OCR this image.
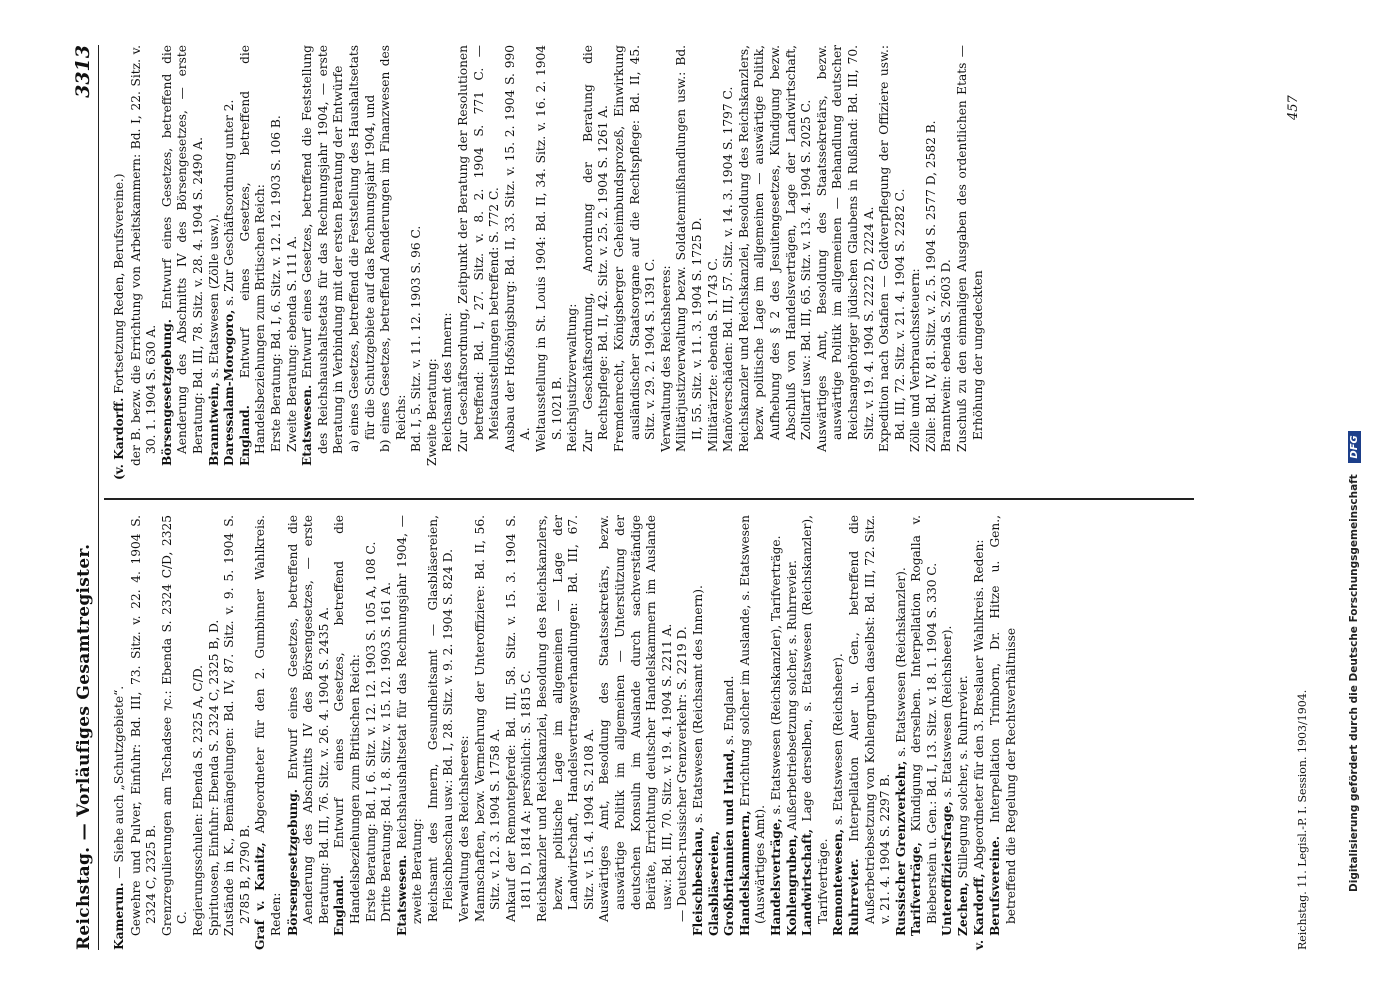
Reichstag. — Vorläufiges Gesamtregister.
3313

Kamerun. — Siehe auch „Schutzgebiete“. Gewehre und Pulver, Einfuhr: Bd. III, 73. Sitz. v. 22. 4. 1904 S. 2324 C, 2325 B. Grenzregulierungen am Tschadsee ⁊c.: Ebenda S. 2324 C/D, 2325 C. Regierungsschulen: Ebenda S. 2325 A, C/D. Spirituosen, Einfuhr: Ebenda S. 2324 C, 2325 B, D. Zustände in K., Bemängelungen: Bd. IV, 87. Sitz. v. 9. 5. 1904 S. 2785 B, 2790 B. Graf v. Kanitz, Abgeordneter für den 2. Gumbinner Wahlkreis. Reden: Börsengesetzgebung. Entwurf eines Gesetzes, betreffend die Aenderung des Abschnitts IV des Börsengesetzes, — erste Beratung: Bd. III, 76. Sitz. v. 26. 4. 1904 S. 2435 A. England. Entwurf eines Gesetzes, betreffend die Handelsbeziehungen zum Britischen Reich: Erste Beratung: Bd. I, 6. Sitz. v. 12. 12. 1903 S. 105 A, 108 C. Dritte Beratung: Bd. I, 8. Sitz. v. 15. 12. 1903 S. 161 A. Etatswesen. Reichshaushaltsetat für das Rechnungsjahr 1904, — zweite Beratung: Reichsamt des Innern, Gesundheitsamt — Glasbläsereien, Fleischbeschau usw.: Bd. I, 28. Sitz. v. 9. 2. 1904 S. 824 D. Verwaltung des Reichsheeres: Mannschaften, bezw. Vermehrung der Unteroffiziere: Bd. II, 56. Sitz. v. 12. 3. 1904 S. 1758 A. Ankauf der Remontepferde: Bd. III, 58. Sitz. v. 15. 3. 1904 S. 1811 D, 1814 A: persönlich: S. 1815 C. Reichskanzler und Reichskanzlei, Besoldung des Reichskanzlers, bezw. politische Lage im allgemeinen — Lage der Landwirtschaft, Handelsvertragsverhandlungen: Bd. III, 67. Sitz. v. 15. 4. 1904 S. 2108 A. Auswärtiges Amt, Besoldung des Staatssekretärs, bezw. auswärtige Politik im allgemeinen — Unterstützung der deutschen Konsuln im Auslande durch sachverständige Beiräte, Errichtung deutscher Handelskammern im Auslande usw.: Bd. III, 70. Sitz. v. 19. 4. 1904 S. 2211 A. — Deutsch-russischer Grenzverkehr: S. 2219 D. Fleischbeschau, s. Etatswesen (Reichsamt des Innern).

Glasbläsereien, Großbritannien und Irland, s. England.

Handelskammern, Errichtung solcher im Auslande, s. Etatswesen (Auswärtiges Amt). Handelsverträge, s. Etatswesen (Reichskanzler), Tarifverträge.

Kohlengruben, Außerbetriebsetzung solcher, s. Ruhrrevier.

Landwirtschaft, Lage derselben, s. Etatswesen (Reichskanzler), Tarifverträge. Remontewesen, s. Etatswesen (Reichsheer).

Ruhrrevier. Interpellation Auer u. Gen., betreffend die Außerbetriebsetzung von Kohlengruben daselbst: Bd. III, 72. Sitz. v. 21. 4. 1904 S. 2297 B. Russischer Grenzverkehr, s. Etatswesen (Reichskanzler).

Tarifverträge, Kündigung derselben. Interpellation Rogalla v. Bieberstein u. Gen.: Bd. I, 13. Sitz. v. 18. 1. 1904 S. 330 C. Unteroffiziersfrage, s. Etatswesen (Reichsheer).

Zechen, Stillegung solcher, s. Ruhrrevier.

v. Kardorff, Abgeordneter für den 3. Breslauer Wahlkreis. Reden:

Berufsvereine. Interpellation Trimborn, Dr. Hitze u. Gen., betreffend die Regelung der Rechtsverhältnisse

(v. Kardorff. Fortsetzung Reden, Berufsvereine.) der B. bezw. die Errichtung von Arbeitskammern: Bd. I, 22. Sitz. v. 30. 1. 1904 S. 630 A. Börsengesetzgebung. Entwurf eines Gesetzes, betreffend die Aenderung des Abschnitts IV des Börsengesetzes, — erste Beratung: Bd. III, 78. Sitz. v. 28. 4. 1904 S. 2490 A. Branntwein, s. Etatswesen (Zölle usw.).

Daressalam-Morogoro, s. Zur Geschäftsordnung unter 2.

England. Entwurf eines Gesetzes, betreffend die Handelsbeziehungen zum Britischen Reich: Erste Beratung: Bd. I, 6. Sitz. v. 12. 12. 1903 S. 106 B. Zweite Beratung: ebenda S. 111 A. Etatswesen. Entwurf eines Gesetzes, betreffend die Feststellung des Reichshaushaltsetats für das Rechnungsjahr 1904, — erste Beratung in Verbindung mit der ersten Beratung der Entwürfe a) eines Gesetzes, betreffend die Feststellung des Haushaltsetats für die Schutzgebiete auf das Rechnungsjahr 1904, und b) eines Gesetzes, betreffend Aenderungen im Finanzwesen des Reichs: Bd. I, 5. Sitz. v. 11. 12. 1903 S. 96 C. Zweite Beratung: Reichsamt des Innern: Zur Geschäftsordnung, Zeitpunkt der Beratung der Resolutionen betreffend: Bd. I, 27. Sitz. v. 8. 2. 1904 S. 771 C. — Meistausstellungen betreffend: S. 772 C. Ausbau der Hofsönigsburg: Bd. II, 33. Sitz. v. 15. 2. 1904 S. 990 A. Weltausstellung in St. Louis 1904: Bd. II, 34. Sitz. v. 16. 2. 1904 S. 1021 B. Reichsjustizverwaltung: Zur Geschäftsordnung, Anordnung der Beratung die Rechtspflege: Bd. II, 42. Sitz. v. 25. 2. 1904 S. 1261 A. Fremdenrecht, Königsberger Geheimbundsprozeß, Einwirkung ausländischer Staatsorgane auf die Rechtspflege: Bd. II, 45. Sitz. v. 29. 2. 1904 S. 1391 C. Verwaltung des Reichsheeres: Militärjustizverwaltung bezw. Soldatenmißhandlungen usw.: Bd. II, 55. Sitz. v. 11. 3. 1904 S. 1725 D. Militärärzte: ebenda S. 1743 C. Manöverschäden: Bd. III, 57. Sitz. v. 14. 3. 1904 S. 1797 C. Reichskanzler und Reichskanzlei, Besoldung des Reichskanzlers, bezw. politische Lage im allgemeinen — auswärtige Politik, Aufhebung des § 2 des Jesuitengesetzes, Kündigung bezw. Abschluß von Handelsverträgen, Lage der Landwirtschaft, Zolltarif usw.: Bd. III, 65. Sitz. v. 13. 4. 1904 S. 2025 C. Auswärtiges Amt, Besoldung des Staatssekretärs, bezw. auswärtige Politik im allgemeinen — Behandlung deutscher Reichsangehöriger jüdischen Glaubens in Rußland: Bd. III, 70. Sitz. v. 19. 4. 1904 S. 2222 D, 2224 A. Expedition nach Ostafien — Geldverpflegung der Offiziere usw.: Bd. III, 72. Sitz. v. 21. 4. 1904 S. 2282 C. Zölle und Verbrauchssteuern: Zölle: Bd. IV, 81. Sitz. v. 2. 5. 1904 S. 2577 D, 2582 B. Branntwein: ebenda S. 2603 D. Zuschuß zu den einmaligen Ausgaben des ordentlichen Etats — Erhöhung der ungedeckten

Reichstag. 11. Legisl.-P. I. Session. 1903/1904.
457
Digitalisierung gefördert durch die Deutsche Forschungsgemeinschaft DFG
